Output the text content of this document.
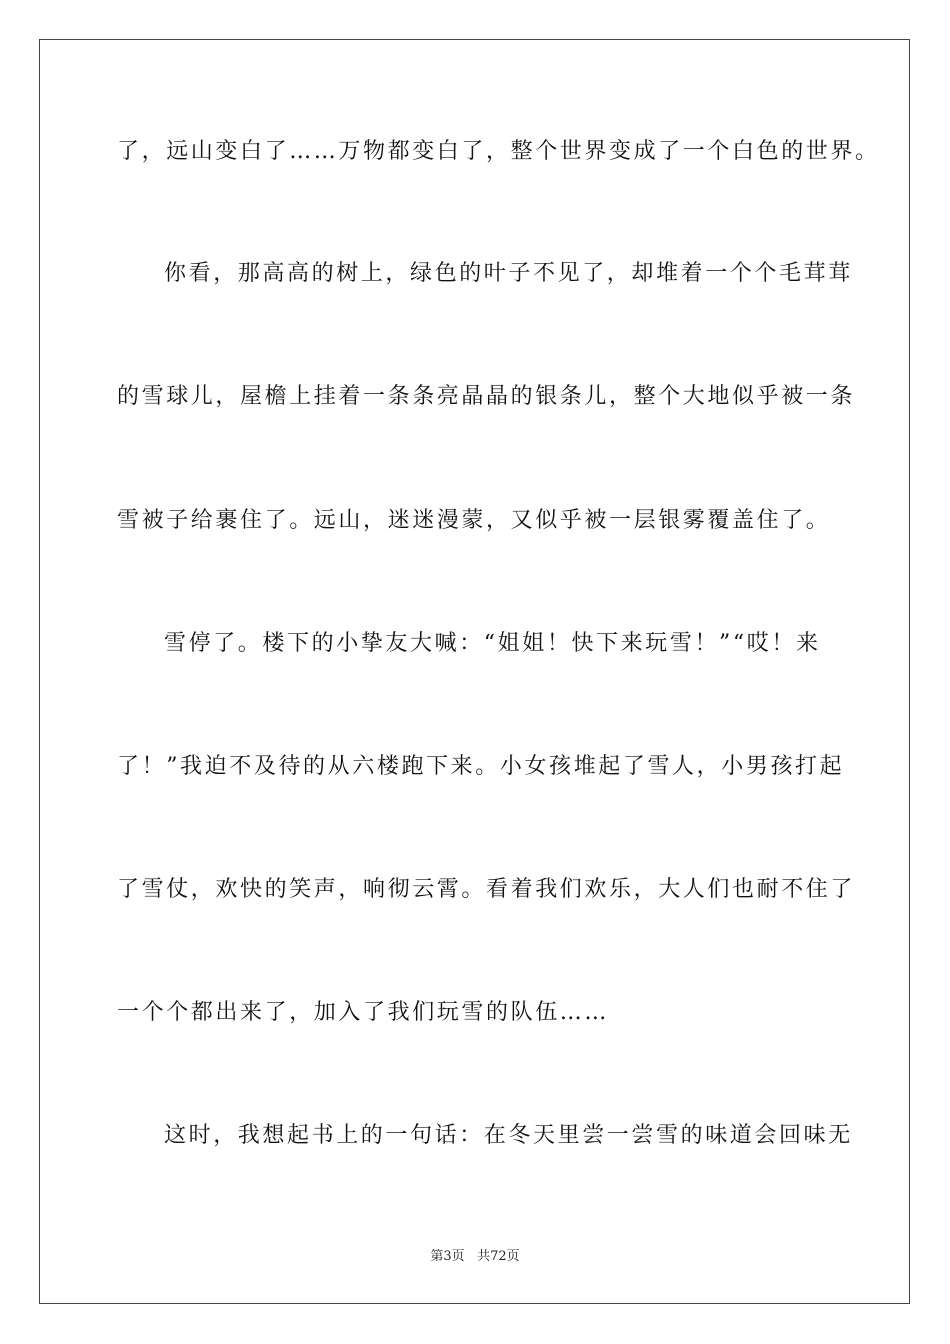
了，远山变白了……万物都变白了，整个世界变成了一个白色的世界。
你看，那高高的树上，绿色的叶子不见了，却堆着一个个毛茸茸
的雪球儿，屋檐上挂着一条条亮晶晶的银条儿，整个大地似乎被一条
雪被子给裹住了。远山，迷迷漫蒙，又似乎被一层银雾覆盖住了。
雪停了。楼下的小挚友大喊：“姐姐！快下来玩雪！”“哎！来
了！”我迫不及待的从六楼跑下来。小女孩堆起了雪人，小男孩打起
了雪仗，欢快的笑声，响彻云霄。看着我们欢乐，大人们也耐不住了
一个个都出来了，加入了我们玩雪的队伍……
这时，我想起书上的一句话：在冬天里尝一尝雪的味道会回味无
第3页 共72页
